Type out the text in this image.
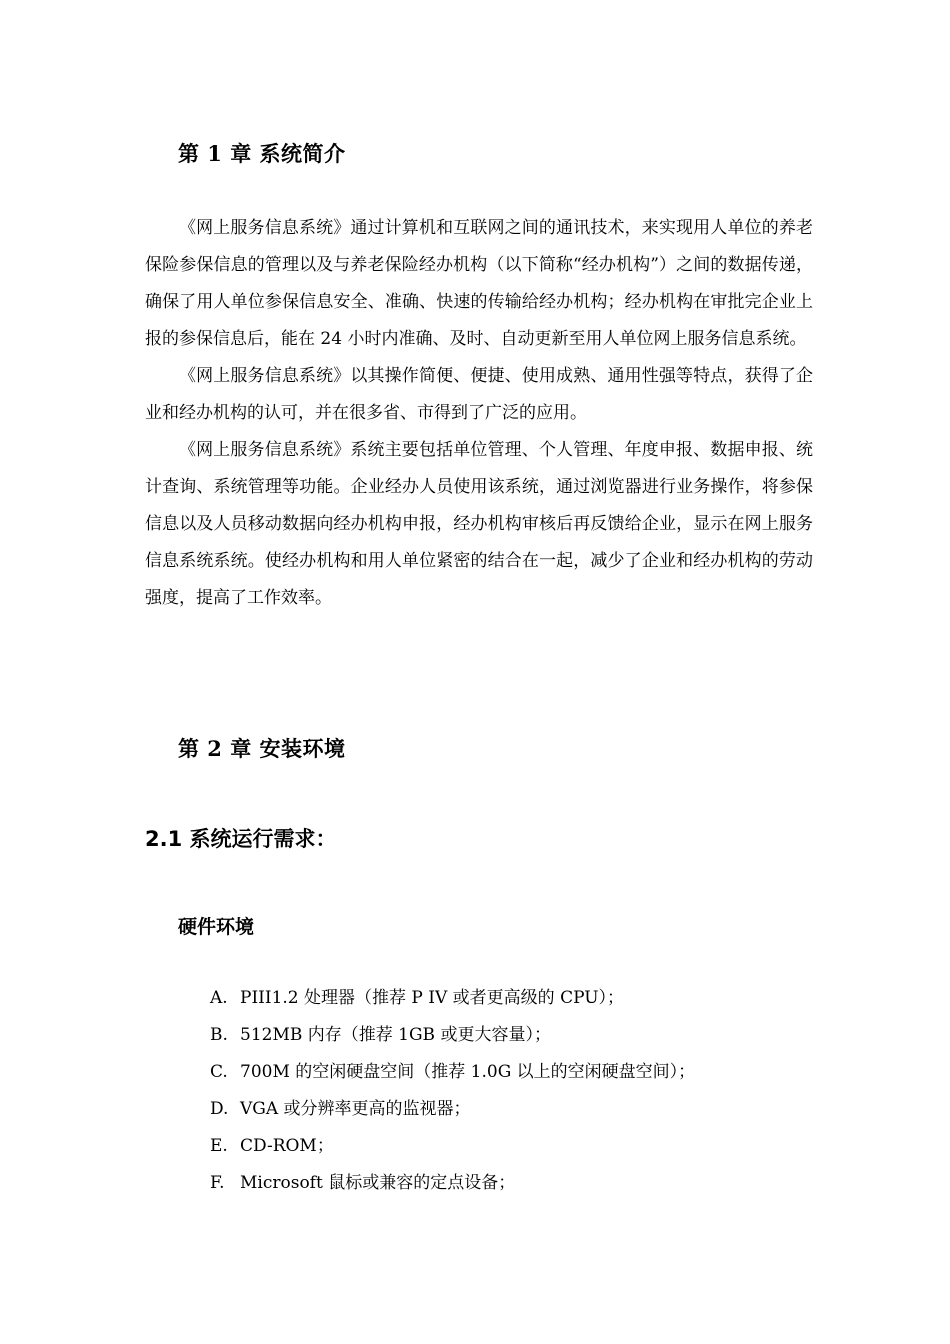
第 1 章 系统简介

《网上服务信息系统》通过计算机和互联网之间的通讯技术，来实现用人单位的养老保险参保信息的管理以及与养老保险经办机构（以下简称“经办机构”）之间的数据传递，确保了用人单位参保信息安全、准确、快速的传输给经办机构；经办机构在审批完企业上报的参保信息后，能在 24 小时内准确、及时、自动更新至用人单位网上服务信息系统。

《网上服务信息系统》以其操作简便、便捷、使用成熟、通用性强等特点，获得了企业和经办机构的认可，并在很多省、市得到了广泛的应用。

《网上服务信息系统》系统主要包括单位管理、个人管理、年度申报、数据申报、统计查询、系统管理等功能。企业经办人员使用该系统，通过浏览器进行业务操作，将参保信息以及人员移动数据向经办机构申报，经办机构审核后再反馈给企业，显示在网上服务信息系统系统。使经办机构和用人单位紧密的结合在一起，减少了企业和经办机构的劳动强度，提高了工作效率。

第 2 章 安装环境
2.1 系统运行需求：
硬件环境
A. PIII1.2 处理器（推荐 P IV 或者更高级的 CPU）；
B. 512MB 内存（推荐 1GB 或更大容量）；
C. 700M 的空闲硬盘空间（推荐 1.0G 以上的空闲硬盘空间）；
D. VGA 或分辨率更高的监视器；
E. CD-ROM；
F. Microsoft 鼠标或兼容的定点设备；
